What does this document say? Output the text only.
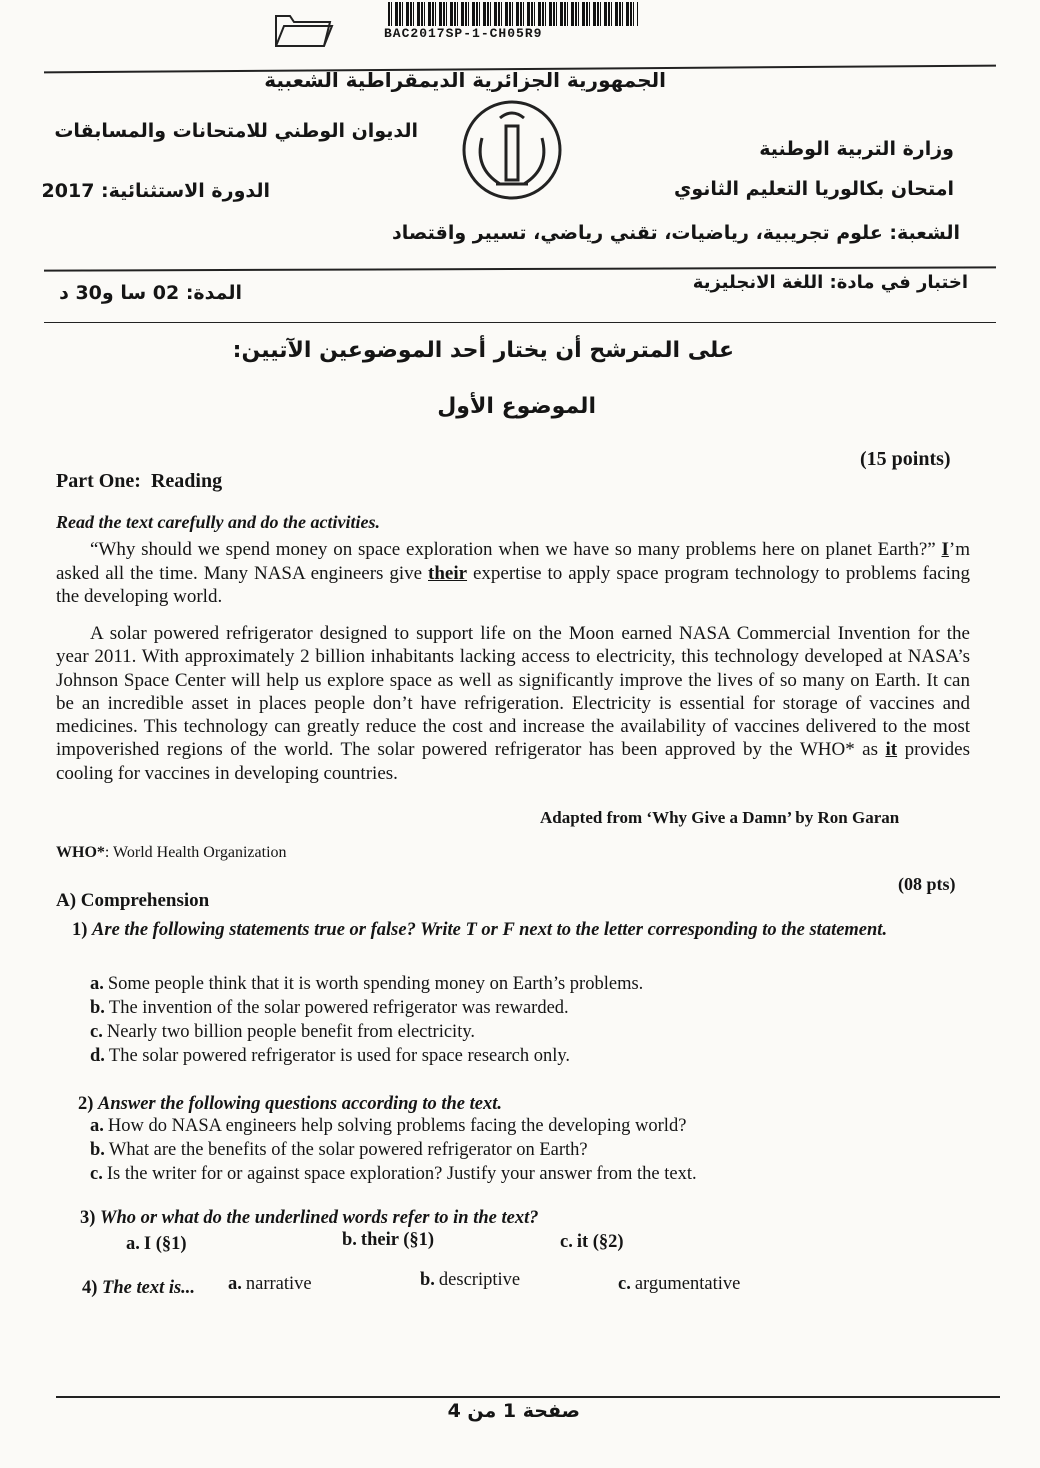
BAC2017SP-1-CH05R9
الجمهورية الجزائرية الديمقراطية الشعبية
وزارة التربية الوطنية
الديوان الوطني للامتحانات والمسابقات
امتحان بكالوريا التعليم الثانوي
الدورة الاستثنائية: 2017
الشعبة: علوم تجريبية، رياضيات، تقني رياضي، تسيير واقتصاد
اختبار في مادة: اللغة الانجليزية
المدة: 02 سا و30 د
على المترشح أن يختار أحد الموضوعين الآتيين:
الموضوع الأول
(15 points)
Part One:  Reading
Read the text carefully and do the activities.
“Why should we spend money on space exploration when we have so many problems here on planet Earth?” I’m asked all the time. Many NASA engineers give their expertise to apply space program technology to problems facing the developing world.
A solar powered refrigerator designed to support life on the Moon earned NASA Commercial Invention for the year 2011. With approximately 2 billion inhabitants lacking access to electricity, this technology developed at NASA’s Johnson Space Center will help us explore space as well as significantly improve the lives of so many on Earth. It can be an incredible asset in places people don’t have refrigeration. Electricity is essential for storage of vaccines and medicines. This technology can greatly reduce the cost and increase the availability of vaccines delivered to the most impoverished regions of the world. The solar powered refrigerator has been approved by the WHO* as it provides cooling for vaccines in developing countries.
Adapted from ‘Why Give a Damn’ by Ron Garan
WHO*: World Health Organization
(08 pts)
A) Comprehension
1) Are the following statements true or false? Write T or F next to the letter corresponding to the statement.
a. Some people think that it is worth spending money on Earth’s problems.
b. The invention of the solar powered refrigerator was rewarded.
c. Nearly two billion people benefit from electricity.
d. The solar powered refrigerator is used for space research only.
2) Answer the following questions according to the text.
a. How do NASA engineers help solving problems facing the developing world?
b. What are the benefits of the solar powered refrigerator on Earth?
c. Is the writer for or against space exploration? Justify your answer from the text.
3) Who or what do the underlined words refer to in the text?
a. I (§1)	b. their (§1)	c. it (§2)
4) The text is... a. narrative	b. descriptive	c. argumentative
صفحة 1 من 4
